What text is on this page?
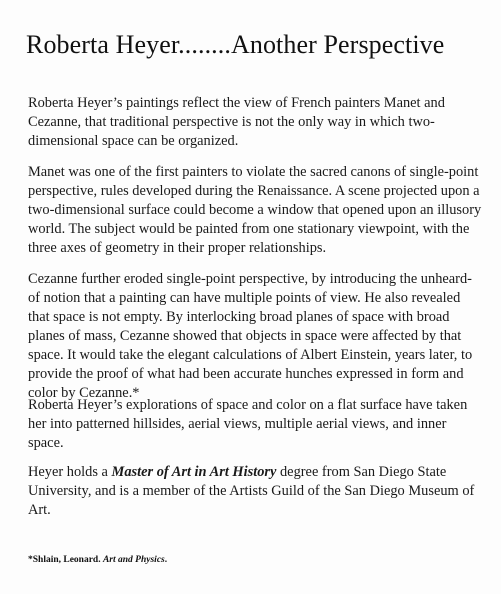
Roberta Heyer........Another Perspective

Roberta Heyer’s paintings reflect the view of French painters Manet and Cezanne, that traditional perspective is not the only way in which two-dimensional space can be organized.

Manet was one of the first painters to violate the sacred canons of single-point perspective, rules developed during the Renaissance. A scene projected upon a two-dimensional surface could become a window that opened upon an illusory world. The subject would be painted from one stationary viewpoint, with the three axes of geometry in their proper relationships.

Cezanne further eroded single-point perspective, by introducing the unheard-of notion that a painting can have multiple points of view. He also revealed that space is not empty. By interlocking broad planes of space with broad planes of mass, Cezanne showed that objects in space were affected by that space. It would take the elegant calculations of Albert Einstein, years later, to provide the proof of what had been accurate hunches expressed in form and color by Cezanne.*

Roberta Heyer’s explorations of space and color on a flat surface have taken her into patterned hillsides, aerial views, multiple aerial views, and inner space.

Heyer holds a Master of Art in Art History degree from San Diego State University, and is a member of the Artists Guild of the San Diego Museum of Art.

*Shlain, Leonard. Art and Physics.
